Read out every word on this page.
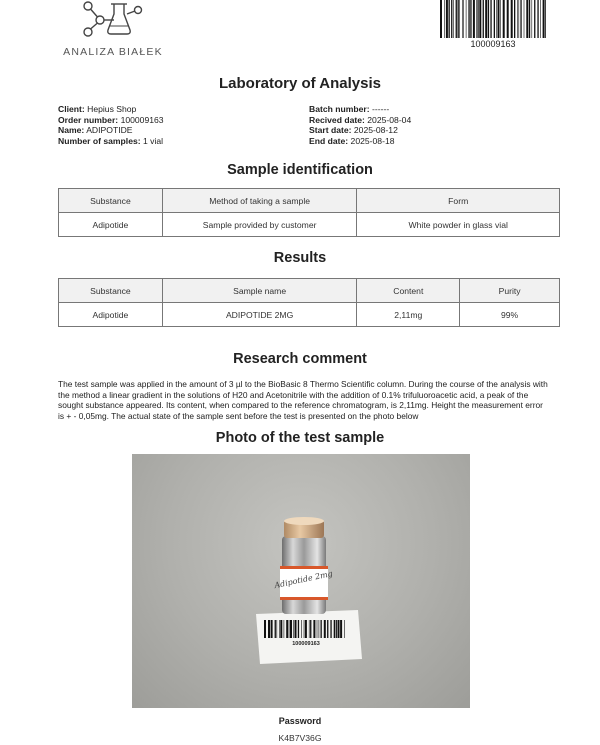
ANALIZA BIAŁEK
100009163
Laboratory of Analysis
Client: Hepius Shop
Order number: 100009163
Name: ADIPOTIDE
Number of samples: 1 vial
Batch number: ------
Recived date: 2025-08-04
Start date: 2025-08-12
End date: 2025-08-18
Sample identification
Substance	Method of taking a sample	Form
Adipotide	Sample provided by customer	White powder in glass vial
Results
Substance	Sample name	Content	Purity
Adipotide	ADIPOTIDE 2MG	2,11mg	99%
Research comment
The test sample was applied in the amount of 3 µl to the BioBasic 8 Thermo Scientific column. During the course of the analysis with the method a linear gradient in the solutions of H20 and Acetonitrile with the addition of 0.1% trifuluoroacetic acid, a peak of the sought substance appeared. Its content, when compared to the reference chromatogram, is 2,11mg. Height the measurement error is + - 0,05mg. The actual state of the sample sent before the test is presented on the photo below
Photo of the test sample
Adipotide 2mg
100009163
Password
K4B7V36G
